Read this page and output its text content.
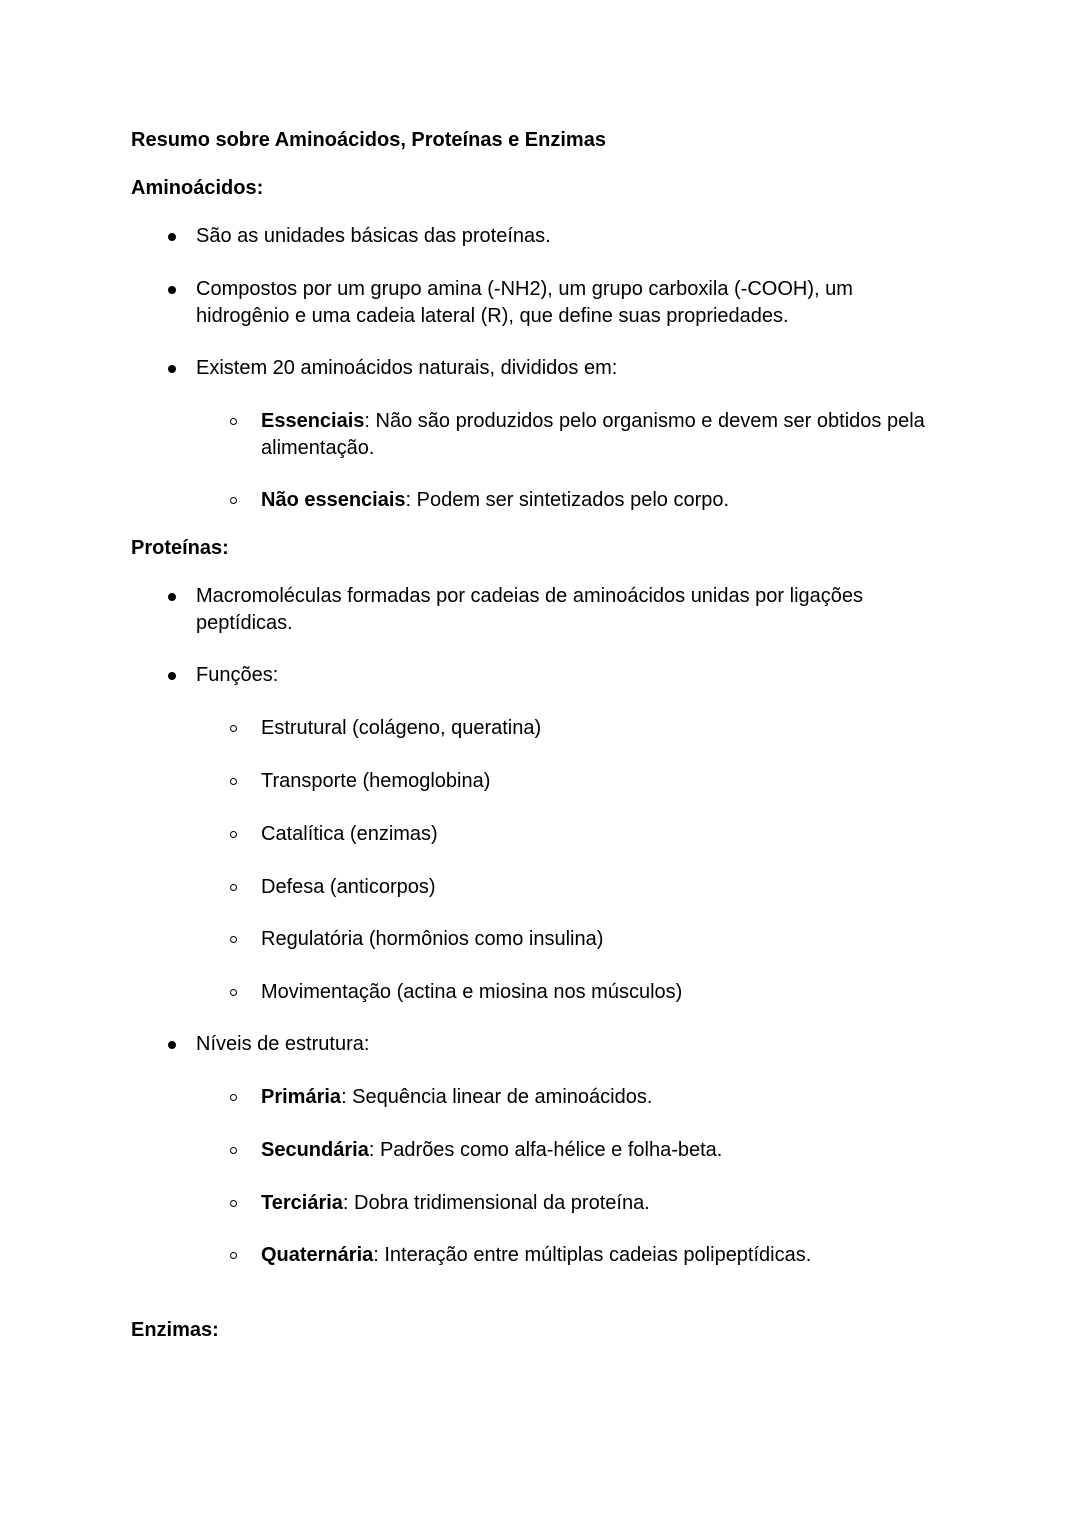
Resumo sobre Aminoácidos, Proteínas e Enzimas
Aminoácidos:
São as unidades básicas das proteínas.
Compostos por um grupo amina (-NH2), um grupo carboxila (-COOH), um
hidrogênio e uma cadeia lateral (R), que define suas propriedades.
Existem 20 aminoácidos naturais, divididos em:
Essenciais: Não são produzidos pelo organismo e devem ser obtidos pela
alimentação.
Não essenciais: Podem ser sintetizados pelo corpo.
Proteínas:
Macromoléculas formadas por cadeias de aminoácidos unidas por ligações
peptídicas.
Funções:
Estrutural (colágeno, queratina)
Transporte (hemoglobina)
Catalítica (enzimas)
Defesa (anticorpos)
Regulatória (hormônios como insulina)
Movimentação (actina e miosina nos músculos)
Níveis de estrutura:
Primária: Sequência linear de aminoácidos.
Secundária: Padrões como alfa-hélice e folha-beta.
Terciária: Dobra tridimensional da proteína.
Quaternária: Interação entre múltiplas cadeias polipeptídicas.
Enzimas:
